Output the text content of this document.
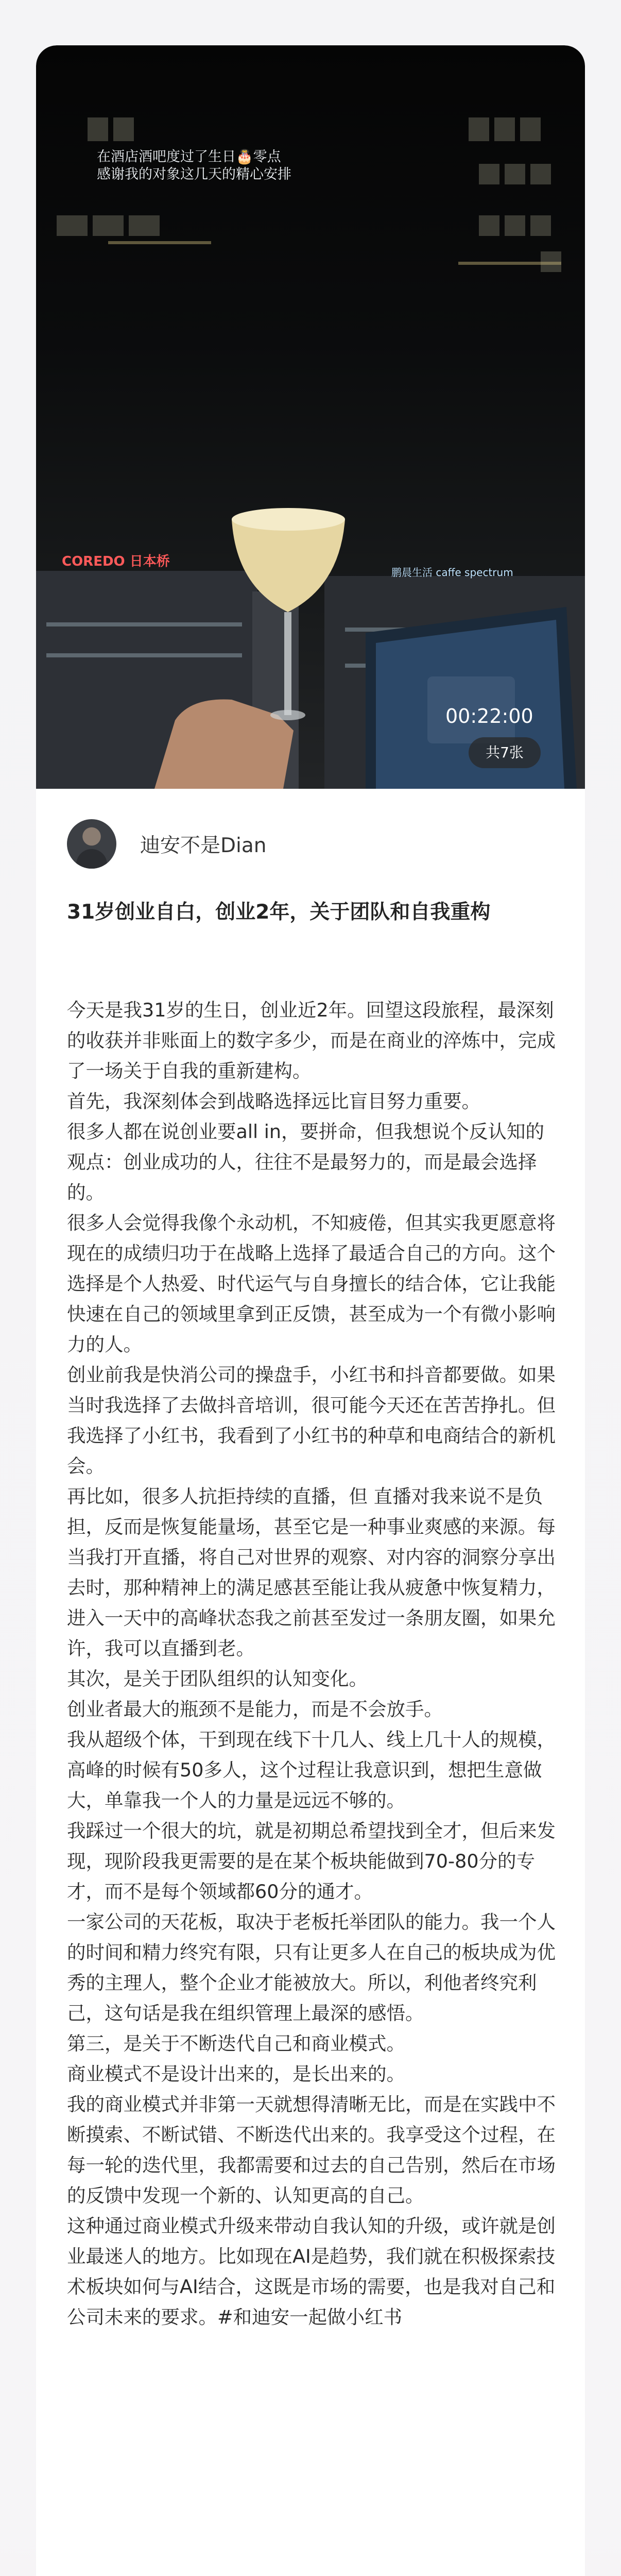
COREDO 日本桥
鹏晨生活 caffe spectrum
00:22:00
在酒店酒吧度过了生日🎂零点
感谢我的对象这几天的精心安排
共7张
迪安不是Dian
31岁创业自白，创业2年，关于团队和自我重构

今天是我31岁的生日，创业近2年。回望这段旅程，最深刻的收获并非账面上的数字多少，而是在商业的淬炼中，完成了一场关于自我的重新建构。

首先，我深刻体会到战略选择远比盲目努力重要。

很多人都在说创业要all in，要拼命，但我想说个反认知的观点：创业成功的人，往往不是最努力的，而是最会选择的。

很多人会觉得我像个永动机，不知疲倦，但其实我更愿意将现在的成绩归功于在战略上选择了最适合自己的方向。这个选择是个人热爱、时代运气与自身擅长的结合体，它让我能快速在自己的领域里拿到正反馈，甚至成为一个有微小影响力的人。

创业前我是快消公司的操盘手，小红书和抖音都要做。如果当时我选择了去做抖音培训，很可能今天还在苦苦挣扎。但我选择了小红书，我看到了小红书的种草和电商结合的新机会。

再比如，很多人抗拒持续的直播，但 直播对我来说不是负担，反而是恢复能量场，甚至它是一种事业爽感的来源。每当我打开直播，将自己对世界的观察、对内容的洞察分享出去时，那种精神上的满足感甚至能让我从疲惫中恢复精力，进入一天中的高峰状态我之前甚至发过一条朋友圈，如果允许，我可以直播到老。

其次，是关于团队组织的认知变化。

创业者最大的瓶颈不是能力，而是不会放手。

我从超级个体，干到现在线下十几人、线上几十人的规模，高峰的时候有50多人，这个过程让我意识到，想把生意做大，单靠我一个人的力量是远远不够的。

我踩过一个很大的坑，就是初期总希望找到全才，但后来发现，现阶段我更需要的是在某个板块能做到70-80分的专才，而不是每个领域都60分的通才。

一家公司的天花板，取决于老板托举团队的能力。我一个人的时间和精力终究有限，只有让更多人在自己的板块成为优秀的主理人，整个企业才能被放大。所以，利他者终究利己，这句话是我在组织管理上最深的感悟。

第三，是关于不断迭代自己和商业模式。

商业模式不是设计出来的，是长出来的。

我的商业模式并非第一天就想得清晰无比，而是在实践中不断摸索、不断试错、不断迭代出来的。我享受这个过程，在每一轮的迭代里，我都需要和过去的自己告别，然后在市场的反馈中发现一个新的、认知更高的自己。

这种通过商业模式升级来带动自我认知的升级，或许就是创业最迷人的地方。比如现在AI是趋势，我们就在积极探索技术板块如何与AI结合，这既是市场的需要，也是我对自己和公司未来的要求。#和迪安一起做小红书
